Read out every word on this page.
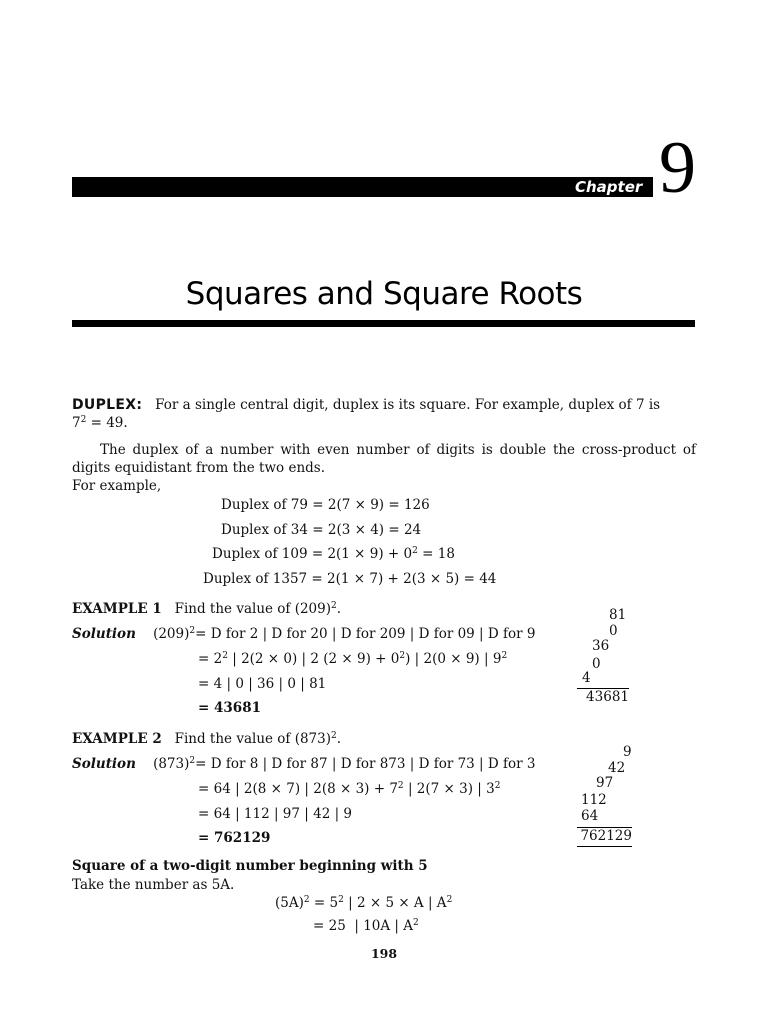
Chapter 9
Squares and Square Roots
DUPLEX: For a single central digit, duplex is its square. For example, duplex of 7 is
$7^2 = 49$.
The duplex of a number with even number of digits is double the cross-product of digits equidistant from the two ends.
For example,
Duplex of 79 = 2(7 × 9) = 126
Duplex of 34 = 2(3 × 4) = 24
Duplex of $109 = 2(1 \times 9) + 0^2 = 18$
Duplex of 1357 = 2(1 × 7) + 2(3 × 5) = 44
EXAMPLE 1 Find the value of $(209)^2$.
Solution $(209)^2= D$ for 2 | D for 20 | D for 209 | D for 09 | D for 9
= $2^2$ | 2(2 × 0) | 2 $(2 \times 9) + 0^2$) | 2(0 × 9) | $9^2$
= 4 | 0 | 36 | 0 | 81
= 43681
81
0
36
0
4
43681
EXAMPLE 2 Find the value of $(873)^2$.
Solution $(873)^2= D$ for 8 | D for 87 | D for 873 | D for 73 | D for 3
= 64 | 2(8 × 7) | $2(8 \times 3) + 7^2$ | 2(7 × 3) | $3^2$
= 64 | 112 | 97 | 42 | 9
= 762129
9
42
97
112
64
762129
Square of a two-digit number beginning with 5
Take the number as 5A.
$(5A)^2 = 5^2$ | 2 × 5 × A | $A^2$
= 25  | 10A | $A^2$
198
